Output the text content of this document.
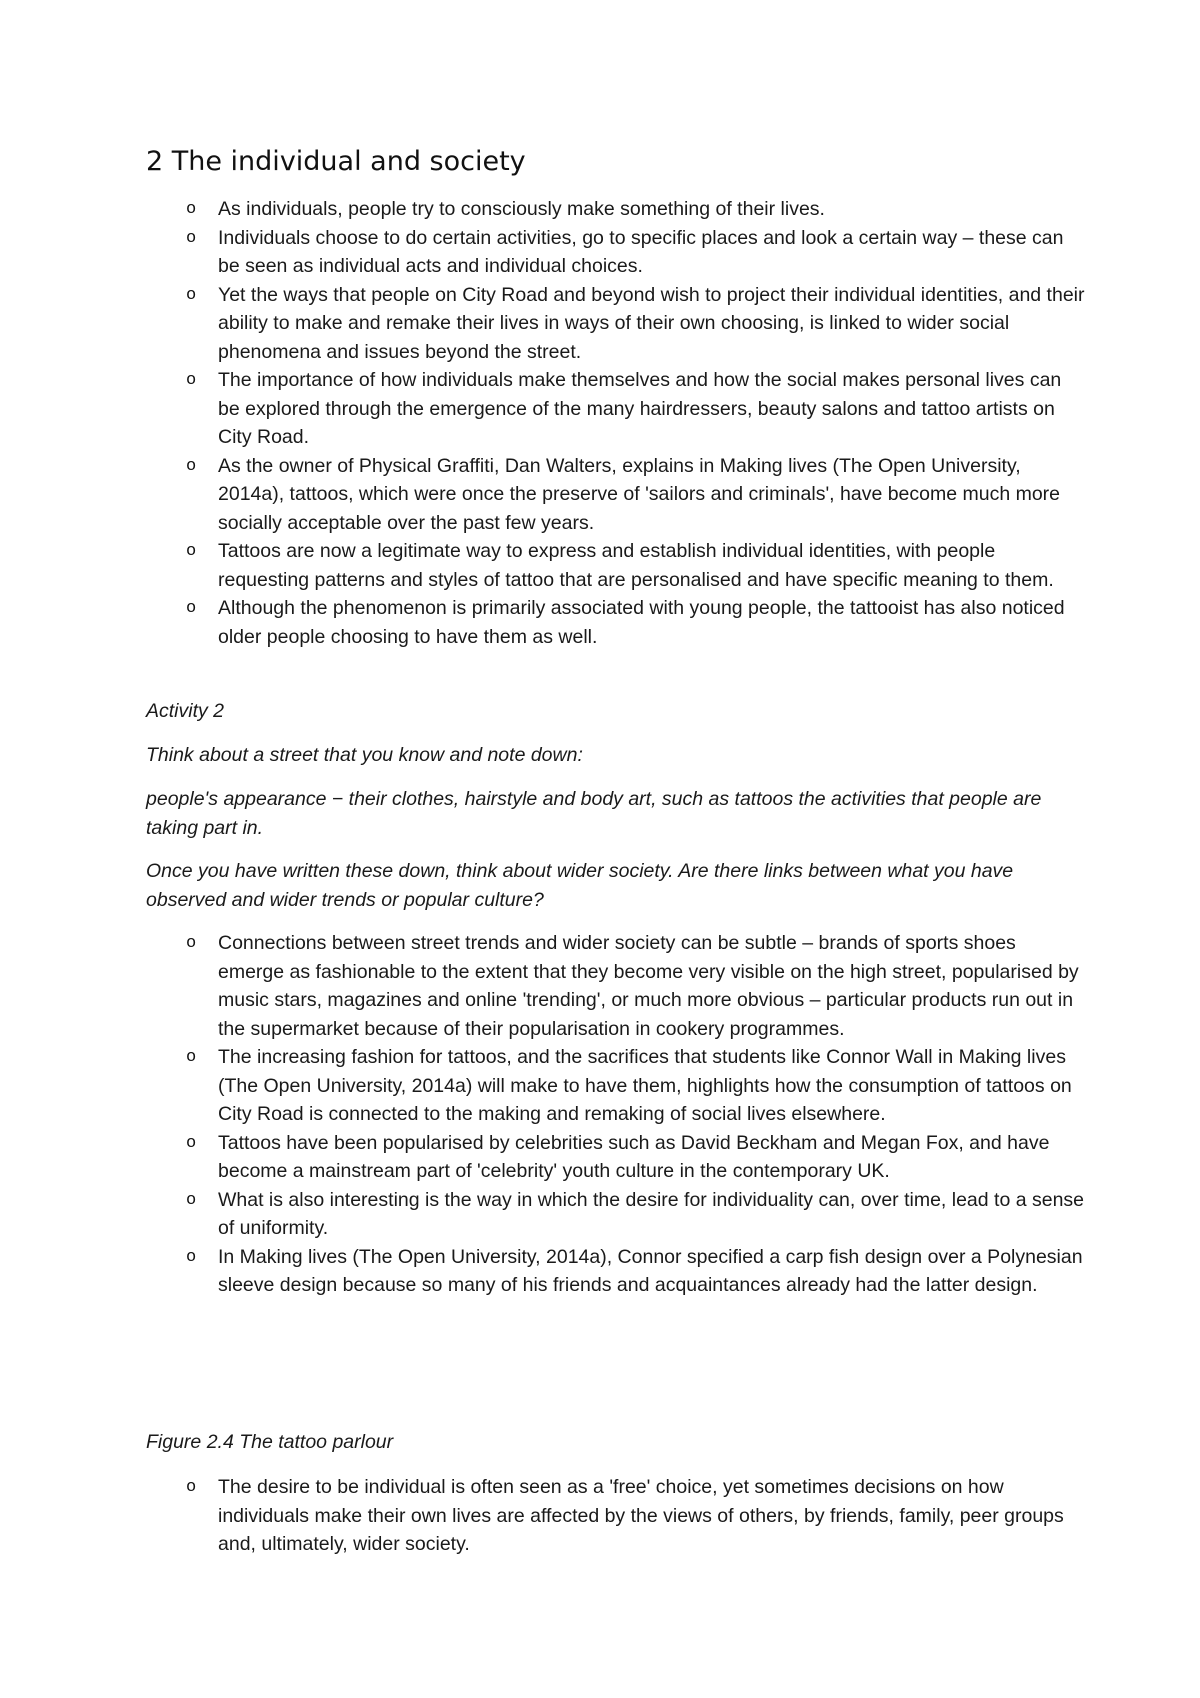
2 The individual and society
o As individuals, people try to consciously make something of their lives.
o Individuals choose to do certain activities, go to specific places and look a certain way – these can be seen as individual acts and individual choices.
o Yet the ways that people on City Road and beyond wish to project their individual identities, and their ability to make and remake their lives in ways of their own choosing, is linked to wider social phenomena and issues beyond the street.
o The importance of how individuals make themselves and how the social makes personal lives can be explored through the emergence of the many hairdressers, beauty salons and tattoo artists on City Road.
o As the owner of Physical Graffiti, Dan Walters, explains in Making lives (The Open University, 2014a), tattoos, which were once the preserve of 'sailors and criminals', have become much more socially acceptable over the past few years.
o Tattoos are now a legitimate way to express and establish individual identities, with people requesting patterns and styles of tattoo that are personalised and have specific meaning to them.
o Although the phenomenon is primarily associated with young people, the tattooist has also noticed older people choosing to have them as well.

Activity 2

Think about a street that you know and note down:

people's appearance − their clothes, hairstyle and body art, such as tattoos the activities that people are taking part in.

Once you have written these down, think about wider society. Are there links between what you have observed and wider trends or popular culture?

o Connections between street trends and wider society can be subtle – brands of sports shoes emerge as fashionable to the extent that they become very visible on the high street, popularised by music stars, magazines and online 'trending', or much more obvious – particular products run out in the supermarket because of their popularisation in cookery programmes.
o The increasing fashion for tattoos, and the sacrifices that students like Connor Wall in Making lives (The Open University, 2014a) will make to have them, highlights how the consumption of tattoos on City Road is connected to the making and remaking of social lives elsewhere.
o Tattoos have been popularised by celebrities such as David Beckham and Megan Fox, and have become a mainstream part of 'celebrity' youth culture in the contemporary UK.
o What is also interesting is the way in which the desire for individuality can, over time, lead to a sense of uniformity.
o In Making lives (The Open University, 2014a), Connor specified a carp fish design over a Polynesian sleeve design because so many of his friends and acquaintances already had the latter design.

Figure 2.4 The tattoo parlour

o The desire to be individual is often seen as a 'free' choice, yet sometimes decisions on how individuals make their own lives are affected by the views of others, by friends, family, peer groups and, ultimately, wider society.
